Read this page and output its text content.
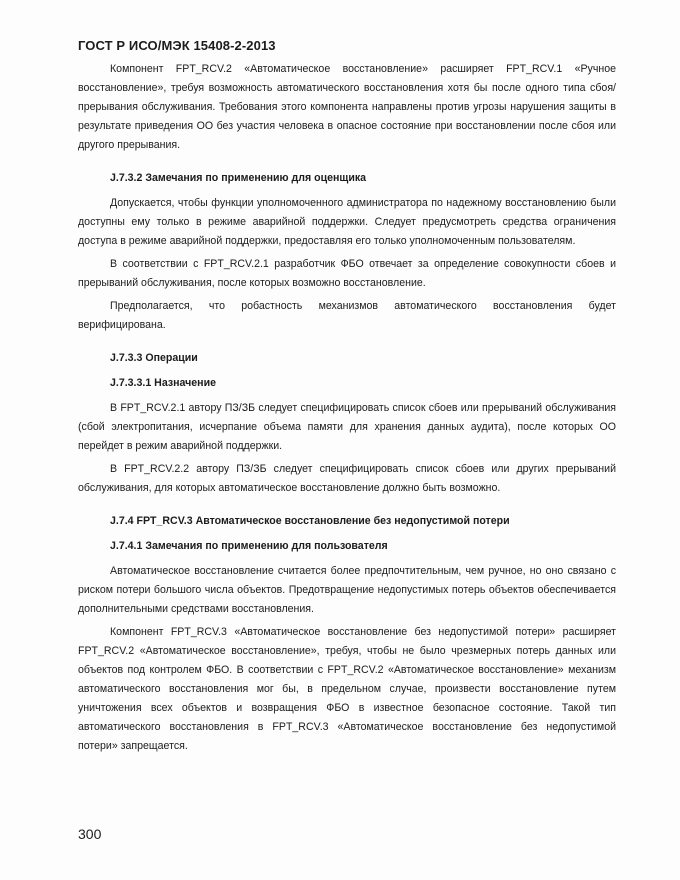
ГОСТ Р ИСО/МЭК 15408-2-2013

Компонент FPT_RCV.2 «Автоматическое восстановление» расширяет FPT_RCV.1 «Ручное восстановление», требуя возможность автоматического восстановления хотя бы после одного типа сбоя/прерывания обслуживания. Требования этого компонента направлены против угрозы нарушения защиты в результате приведения ОО без участия человека в опасное состояние при восстановлении после сбоя или другого прерывания.

J.7.3.2 Замечания по применению для оценщика

Допускается, чтобы функции уполномоченного администратора по надежному восстановлению были доступны ему только в режиме аварийной поддержки. Следует предусмотреть средства ограничения доступа в режиме аварийной поддержки, предоставляя его только уполномоченным пользователям.

В соответствии с FPT_RCV.2.1 разработчик ФБО отвечает за определение совокупности сбоев и прерываний обслуживания, после которых возможно восстановление.

Предполагается, что робастность механизмов автоматического восстановления будет верифицирована.

J.7.3.3 Операции
J.7.3.3.1 Назначение

В FPT_RCV.2.1 автору ПЗ/ЗБ следует специфицировать список сбоев или прерываний обслуживания (сбой электропитания, исчерпание объема памяти для хранения данных аудита), после которых ОО перейдет в режим аварийной поддержки.

В FPT_RCV.2.2 автору ПЗ/ЗБ следует специфицировать список сбоев или других прерываний обслуживания, для которых автоматическое восстановление должно быть возможно.

J.7.4 FPT_RCV.3 Автоматическое восстановление без недопустимой потери
J.7.4.1 Замечания по применению для пользователя

Автоматическое восстановление считается более предпочтительным, чем ручное, но оно связано с риском потери большого числа объектов. Предотвращение недопустимых потерь объектов обеспечивается дополнительными средствами восстановления.

Компонент FPT_RCV.3 «Автоматическое восстановление без недопустимой потери» расширяет FPT_RCV.2 «Автоматическое восстановление», требуя, чтобы не было чрезмерных потерь данных или объектов под контролем ФБО. В соответствии с FPT_RCV.2 «Автоматическое восстановление» механизм автоматического восстановления мог бы, в предельном случае, произвести восстановление путем уничтожения всех объектов и возвращения ФБО в известное безопасное состояние. Такой тип автоматического восстановления в FPT_RCV.3 «Автоматическое восстановление без недопустимой потери» запрещается.

300
